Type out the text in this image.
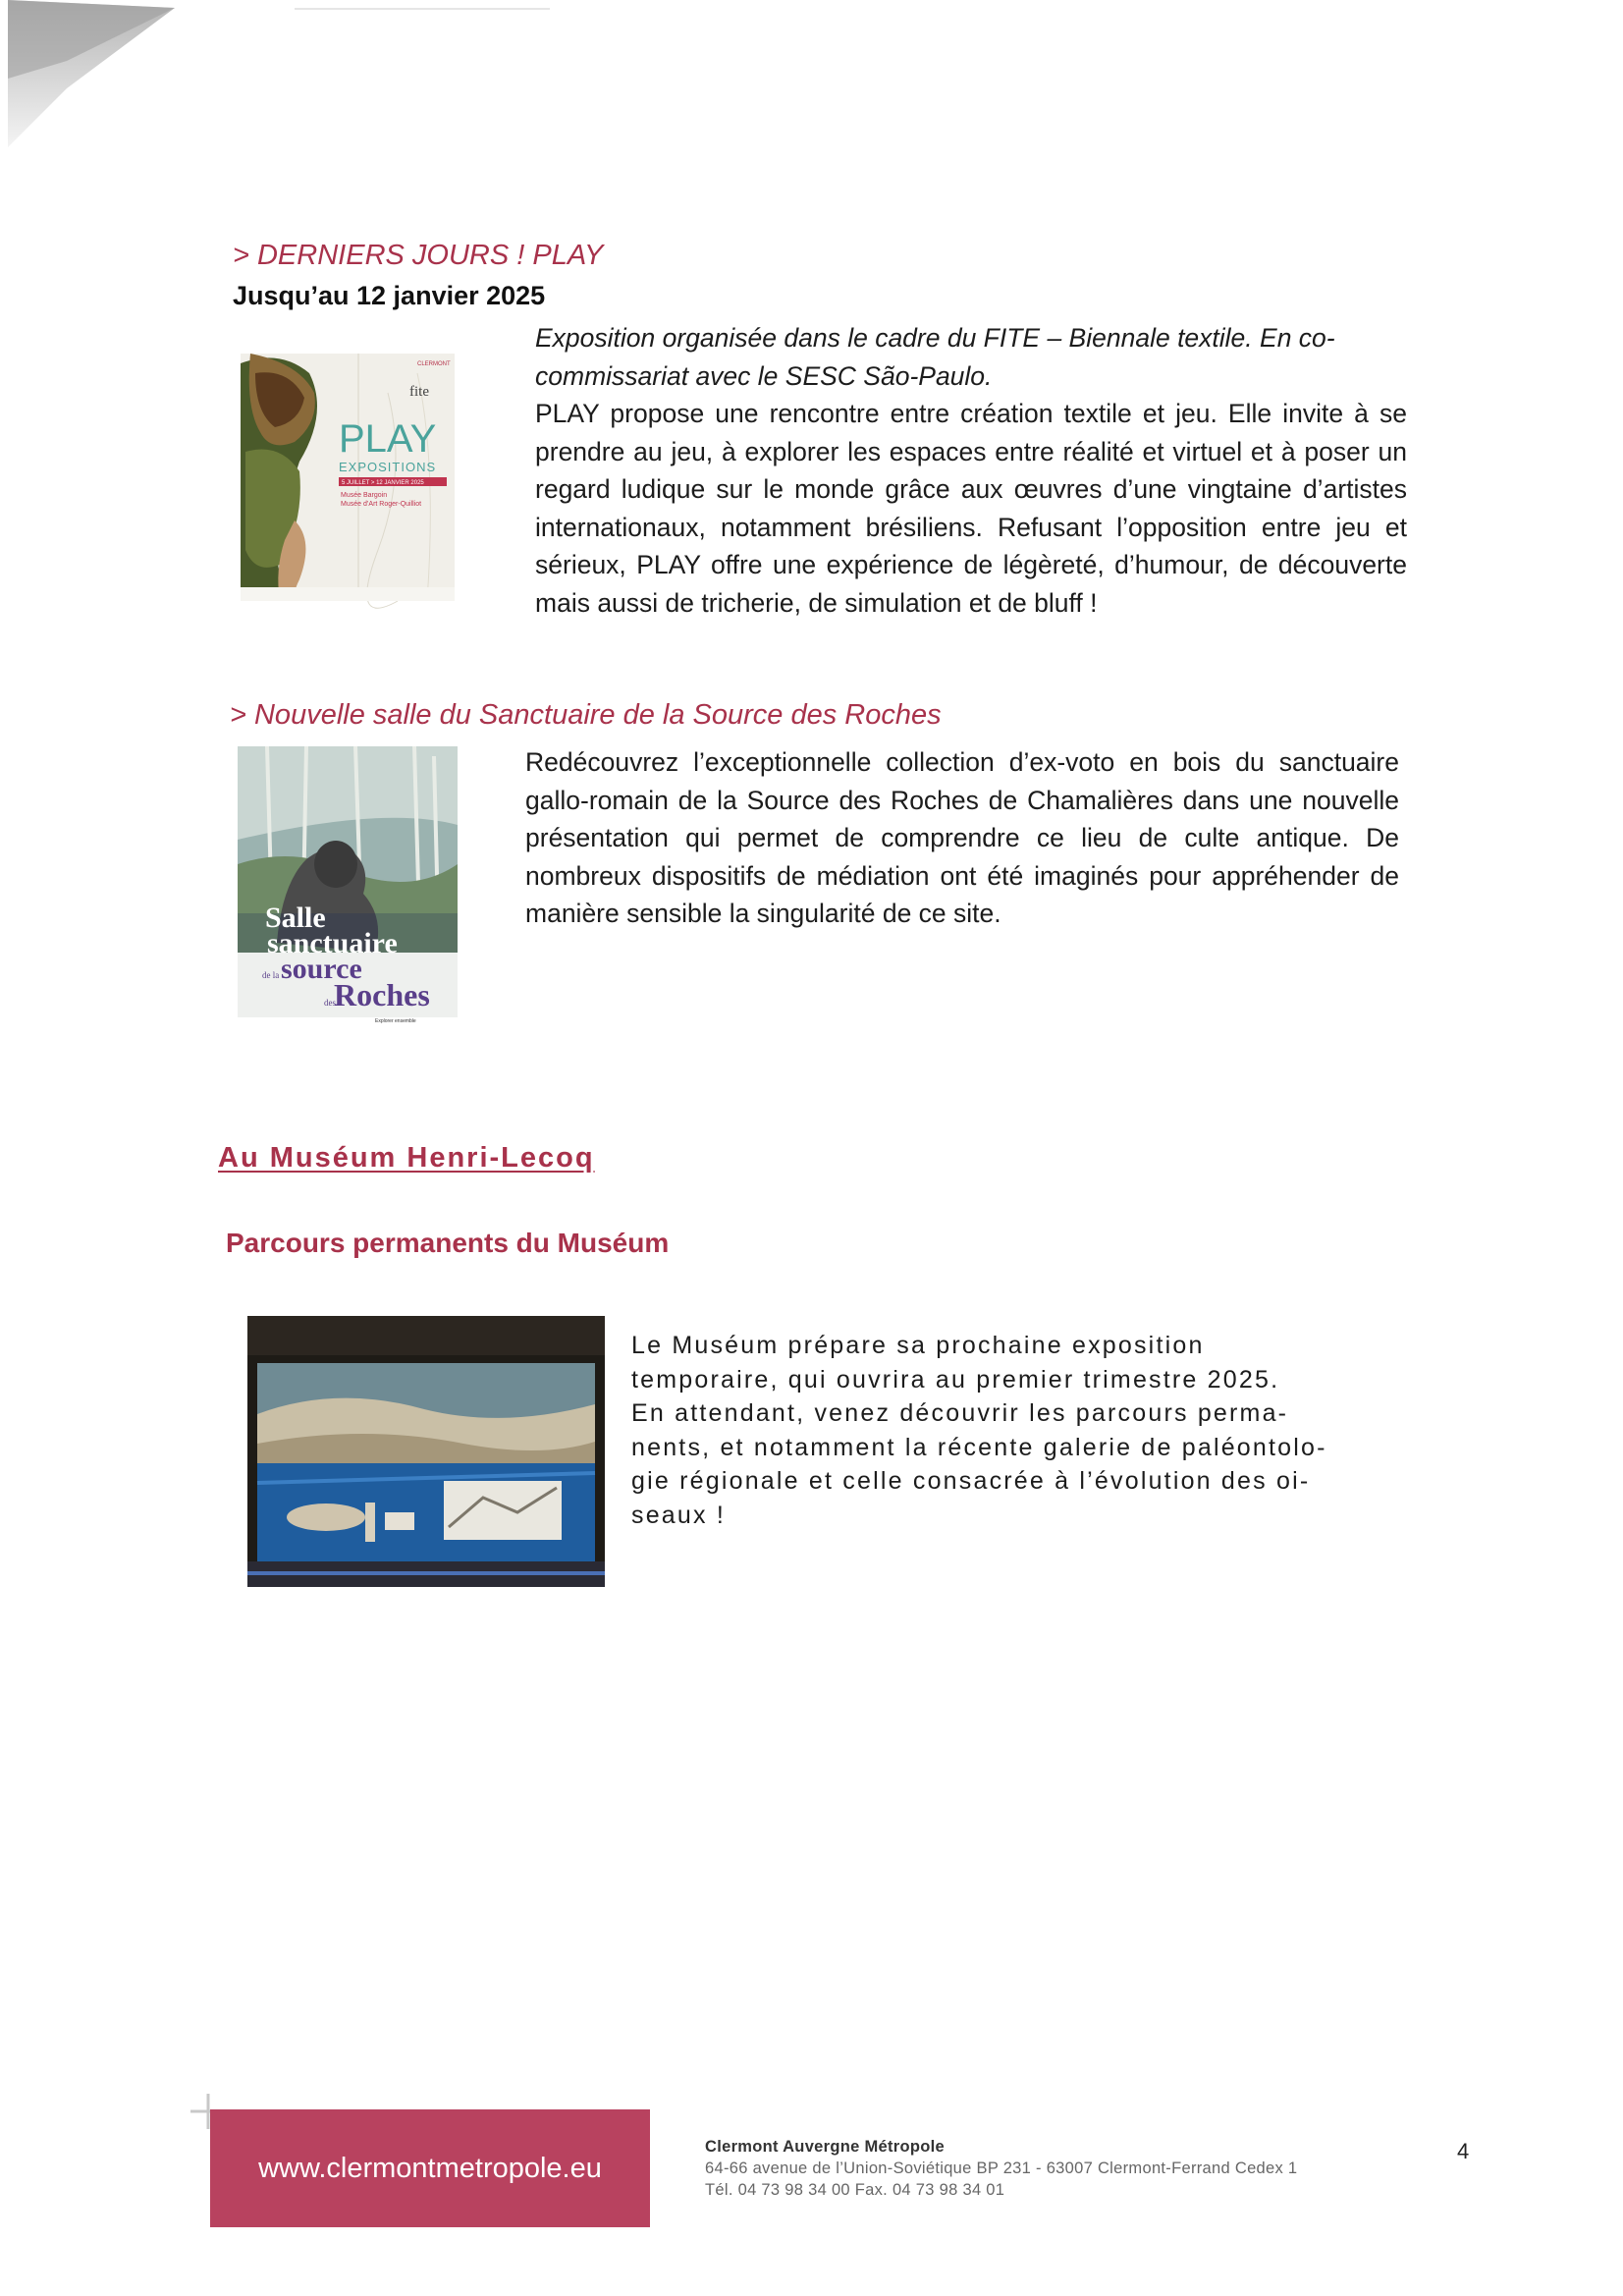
> DERNIERS JOURS ! PLAY
Jusqu’au 12 janvier 2025
CLERMONT
fite
PLAY
EXPOSITIONS
5 JUILLET > 12 JANVIER 2025
Musée Bargoin
Musée d’Art Roger-Quilliot

Exposition organisée dans le cadre du FITE – Biennale textile. En co-

commissariat avec le SESC São-Paulo.

PLAY propose une rencontre entre création textile et jeu. Elle invite à se prendre au jeu, à explorer les espaces entre réalité et virtuel et à poser un regard ludique sur le monde grâce aux œuvres d’une vingtaine d’artistes internationaux, notamment brésiliens. Refusant l’opposition entre jeu et sérieux, PLAY offre une expérience de légèreté, d’humour, de découverte mais aussi de tricherie, de simulation et de bluff !
> Nouvelle salle du Sanctuaire de la Source des Roches
Salle
sanctuaire
de la source
des
Roches
Explorer ensemble
Redécouvrez l’exceptionnelle collection d’ex-voto en bois du sanctuaire gallo-romain de la Source des Roches de Chamalières dans une nouvelle présentation qui permet de comprendre ce lieu de culte antique. De nombreux dispositifs de médiation ont été imaginés pour appréhender de manière sensible la singularité de ce site.
Au Muséum Henri-Lecoq
Parcours permanents du Muséum

Le Muséum prépare sa prochaine exposition

temporaire, qui ouvrira au premier trimestre 2025.

En attendant, venez découvrir les parcours perma-

nents, et notamment la récente galerie de paléontolo-

gie régionale et celle consacrée à l’évolution des oi-

seaux !

www.clermontmetropole.eu
Clermont Auvergne Métropole
64-66 avenue de l’Union-Soviétique BP 231 - 63007 Clermont-Ferrand Cedex 1
Tél. 04 73 98 34 00 Fax. 04 73 98 34 01
4
